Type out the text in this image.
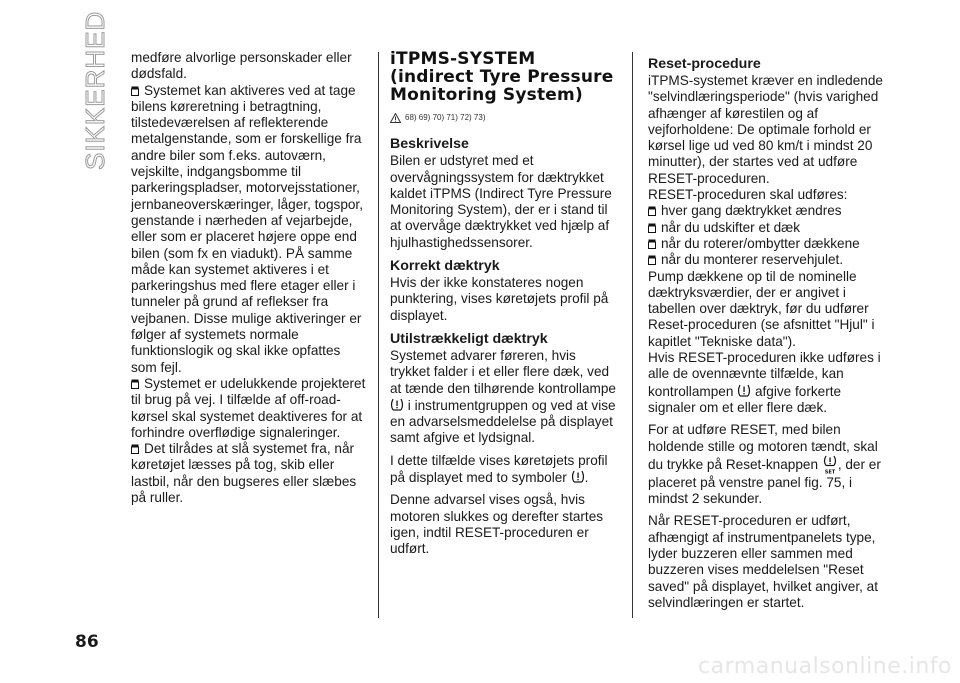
SIKKERHED medføre alvorlige personskader eller dødsfald.

Systemet kan aktiveres ved at tage bilens køreretning i betragtning, tilstedeværelsen af reflekterende metalgenstande, som er forskellige fra andre biler som f.eks. autoværn, vejskilte, indgangsbomme til parkeringspladser, motorvejsstationer, jernbaneoverskæringer, låger, togspor, genstande i nærheden af vejarbejde, eller som er placeret højere oppe end bilen (som fx en viadukt). PÅ samme måde kan systemet aktiveres i et parkeringshus med flere etager eller i tunneler på grund af reflekser fra vejbanen. Disse mulige aktiveringer er følger af systemets normale funktionslogik og skal ikke opfattes som fejl.

Systemet er udelukkende projekteret til brug på vej. I tilfælde af off-road-kørsel skal systemet deaktiveres for at forhindre overflødige signaleringer.

Det tilrådes at slå systemet fra, når køretøjet læsses på tog, skib eller lastbil, når den bugseres eller slæbes på ruller.

iTPMS-SYSTEM (indirect Tyre Pressure Monitoring System)
68) 69) 70) 71) 72) 73)
Beskrivelse

Bilen er udstyret med et overvågningssystem for dæktrykket kaldet iTPMS (Indirect Tyre Pressure Monitoring System), der er i stand til at overvåge dæktrykket ved hjælp af hjulhastighedssensorer.

Korrekt dæktryk

Hvis der ikke konstateres nogen punktering, vises køretøjets profil på displayet.

Utilstrækkeligt dæktryk

Systemet advarer føreren, hvis trykket falder i et eller flere dæk, ved at tænde den tilhørende kontrollampe  i instrumentgruppen og ved at vise en advarselsmeddelelse på displayet samt afgive et lydsignal.

I dette tilfælde vises køretøjets profil på displayet med to symboler .

Denne advarsel vises også, hvis motoren slukkes og derefter startes igen, indtil RESET-proceduren er udført.

Reset-procedure

iTPMS-systemet kræver en indledende "selvindlæringsperiode" (hvis varighed afhænger af kørestilen og af vejforholdene: De optimale forhold er kørsel lige ud ved 80 km/t i mindst 20 minutter), der startes ved at udføre RESET-proceduren.

RESET-proceduren skal udføres:

hver gang dæktrykket ændres

når du udskifter et dæk

når du roterer/ombytter dækkene

når du monterer reservehjulet.

Pump dækkene op til de nominelle dæktryksværdier, der er angivet i tabellen over dæktryk, før du udfører Reset-proceduren (se afsnittet "Hjul" i kapitlet "Tekniske data").

Hvis RESET-proceduren ikke udføres i alle de ovennævnte tilfælde, kan kontrollampen afgive forkerte signaler om et eller flere dæk.

For at udføre RESET, med bilen holdende stille og motoren tændt, skal du trykke på Reset-knappen
SET
, der er placeret på venstre panel fig. 75, i mindst 2 sekunder.

Når RESET-proceduren er udført, afhængigt af instrumentpanelets type, lyder buzzeren eller sammen med buzzeren vises meddelelsen "Reset saved" på displayet, hvilket angiver, at selvindlæringen er startet.

86
carmanualsonline.info
